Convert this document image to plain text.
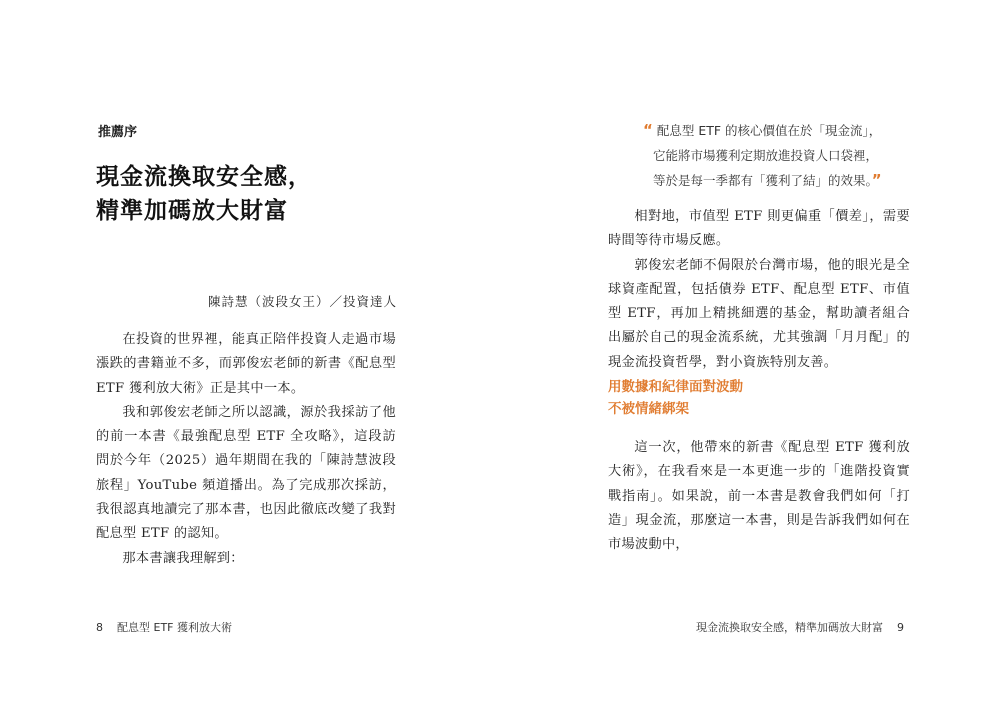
推薦序
現金流換取安全感，
精準加碼放大財富
陳詩慧（波段女王）／投資達人

在投資的世界裡，能真正陪伴投資人走過市場漲跌的書籍並不多，而郭俊宏老師的新書《配息型 ETF 獲利放大術》正是其中一本。

我和郭俊宏老師之所以認識，源於我採訪了他的前一本書《最強配息型 ETF 全攻略》，這段訪問於今年（2025）過年期間在我的「陳詩慧波段旅程」YouTube 頻道播出。為了完成那次採訪，我很認真地讀完了那本書，也因此徹底改變了我對配息型 ETF 的認知。

那本書讓我理解到：

相對地，市值型 ETF 則更偏重「價差」，需要時間等待市場反應。

郭俊宏老師不侷限於台灣市場，他的眼光是全球資產配置，包括債券 ETF、配息型 ETF、市值型 ETF，再加上精挑細選的基金，幫助讀者組合出屬於自己的現金流系統，尤其強調「月月配」的現金流投資哲學，對小資族特別友善。

這一次，他帶來的新書《配息型 ETF 獲利放大術》，在我看來是一本更進一步的「進階投資實戰指南」。如果說，前一本書是教會我們如何「打造」現金流，那麼這一本書，則是告訴我們如何在市場波動中，

“ 配息型 ETF 的核心價值在於「現金流」，
它能將市場獲利定期放進投資人口袋裡，
等於是每一季都有「獲利了結」的效果。”
用數據和紀律面對波動
不被情緒綁架
8 配息型 ETF 獲利放大術	現金流換取安全感，精準加碼放大財富 9
